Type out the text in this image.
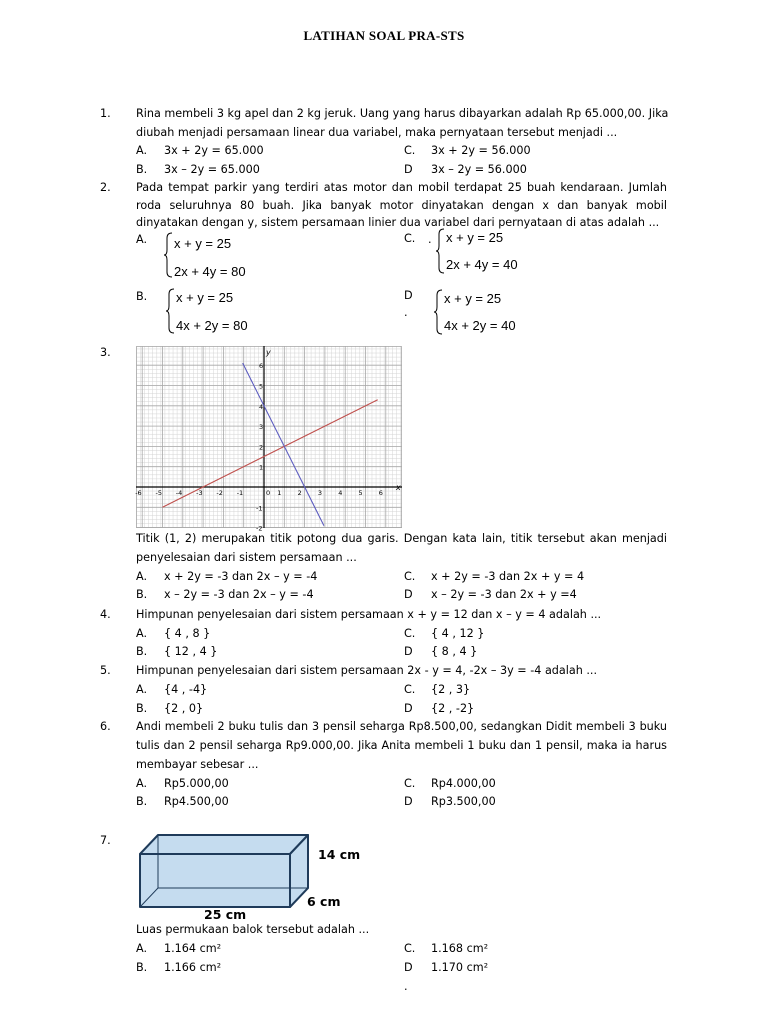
LATIHAN SOAL PRA-STS
1. Rina membeli 3 kg apel dan 2 kg jeruk. Uang yang harus dibayarkan adalah Rp 65.000,00. Jika
diubah menjadi persamaan linear dua variabel, maka pernyataan tersebut menjadi ...
A. 3x + 2y = 65.000	C. 3x + 2y = 56.000
B. 3x – 2y = 65.000	D 3x – 2y = 56.000
2. Pada tempat parkir yang terdiri atas motor dan mobil terdapat 25 buah kendaraan. Jumlah
roda seluruhnya 80 buah. Jika banyak motor dinyatakan dengan x dan banyak mobil
dinyatakan dengan y, sistem persamaan linier dua variabel dari pernyataan di atas adalah ...
A. x + y = 25
2x + 4y = 80
C. . x + y = 25
2x + 4y = 40
B. x + y = 25
4x + 2y = 80
D
.
x + y = 25
4x + 2y = 40
3.
x
y
-6 -5 -4 -3 -2 -1	0 1 2 3 4 5 6
6
5
4
3
2
1
-1
-2
Titik (1, 2) merupakan titik potong dua garis. Dengan kata lain, titik tersebut akan menjadi
penyelesaian dari sistem persamaan ...
A. x + 2y = -3 dan 2x – y = -4	C. x + 2y = -3 dan 2x + y = 4
B. x – 2y = -3 dan 2x – y = -4	D x – 2y = -3 dan 2x + y =4
4. Himpunan penyelesaian dari sistem persamaan x + y = 12 dan x – y = 4 adalah ...
A. { 4 , 8 }	C. { 4 , 12 }
B. { 12 , 4 }	D { 8 , 4 }
5. Himpunan penyelesaian dari sistem persamaan 2x - y = 4, -2x – 3y = -4 adalah ...
A. {4 , -4}	C. {2 , 3}
B. {2 , 0}	D {2 , -2}
6. Andi membeli 2 buku tulis dan 3 pensil seharga Rp8.500,00, sedangkan Didit membeli 3 buku
tulis dan 2 pensil seharga Rp9.000,00. Jika Anita membeli 1 buku dan 1 pensil, maka ia harus
membayar sebesar ...
A. Rp5.000,00	C. Rp4.000,00
B. Rp4.500,00	D Rp3.500,00
7.
14 cm
6 cm
25 cm
Luas permukaan balok tersebut adalah ...
A. 1.164 cm²	C. 1.168 cm²
B. 1.166 cm²	D 1.170 cm²
.
